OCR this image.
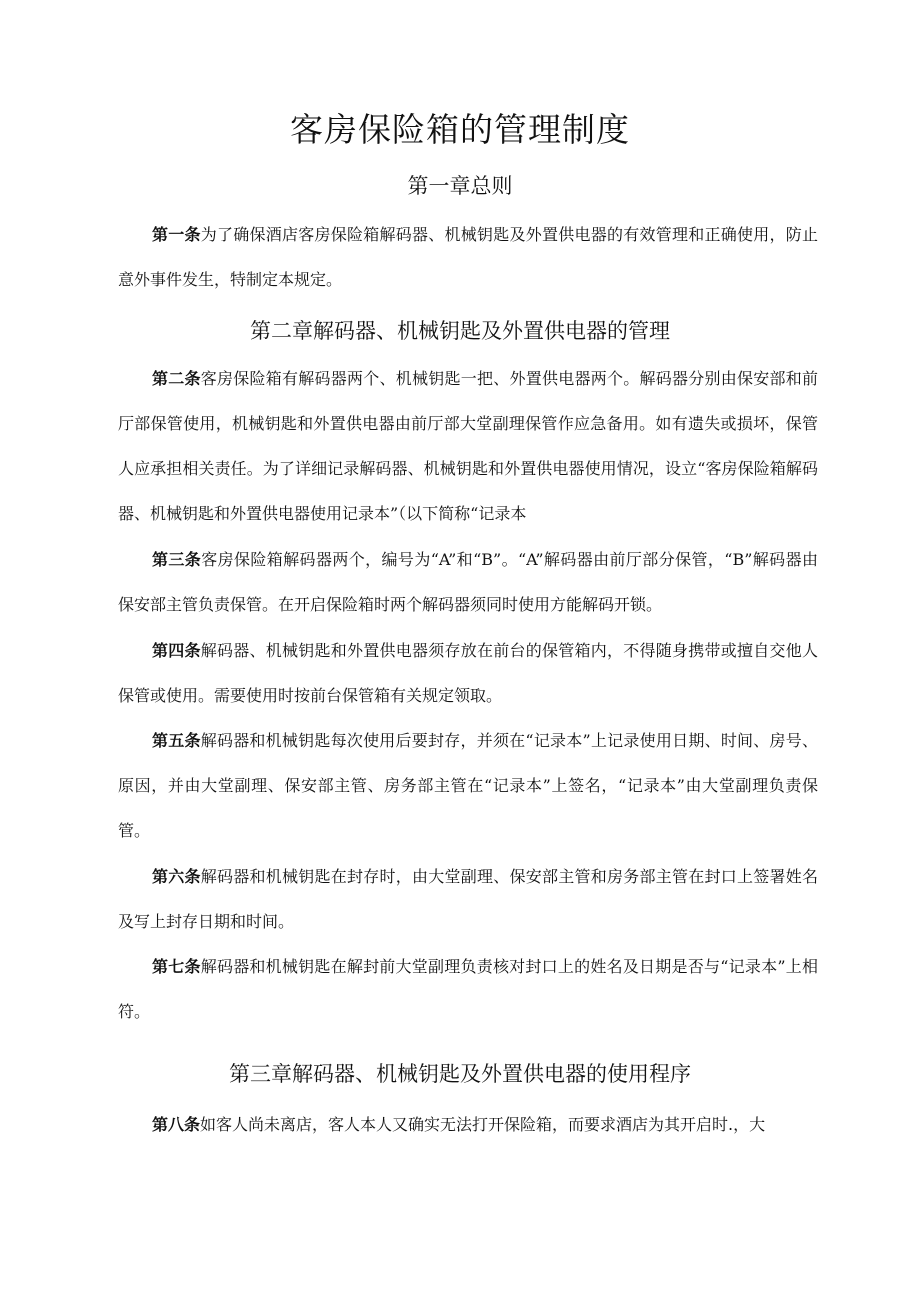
客房保险箱的管理制度
第一章总则

第一条为了确保酒店客房保险箱解码器、机械钥匙及外置供电器的有效管理和正确使用，防止意外事件发生，特制定本规定。

第二章解码器、机械钥匙及外置供电器的管理

第二条客房保险箱有解码器两个、机械钥匙一把、外置供电器两个。解码器分别由保安部和前厅部保管使用，机械钥匙和外置供电器由前厅部大堂副理保管作应急备用。如有遗失或损坏，保管人应承担相关责任。为了详细记录解码器、机械钥匙和外置供电器使用情况，设立“客房保险箱解码器、机械钥匙和外置供电器使用记录本”（以下简称“记录本

第三条客房保险箱解码器两个，编号为“A”和“B”。“A”解码器由前厅部分保管，“B”解码器由保安部主管负责保管。在开启保险箱时两个解码器须同时使用方能解码开锁。

第四条解码器、机械钥匙和外置供电器须存放在前台的保管箱内，不得随身携带或擅自交他人保管或使用。需要使用时按前台保管箱有关规定领取。

第五条解码器和机械钥匙每次使用后要封存，并须在“记录本”上记录使用日期、时间、房号、原因，并由大堂副理、保安部主管、房务部主管在“记录本”上签名，“记录本”由大堂副理负责保管。

第六条解码器和机械钥匙在封存时，由大堂副理、保安部主管和房务部主管在封口上签署姓名及写上封存日期和时间。

第七条解码器和机械钥匙在解封前大堂副理负责核对封口上的姓名及日期是否与“记录本”上相符。

第三章解码器、机械钥匙及外置供电器的使用程序

第八条如客人尚未离店，客人本人又确实无法打开保险箱，而要求酒店为其开启时.，大
